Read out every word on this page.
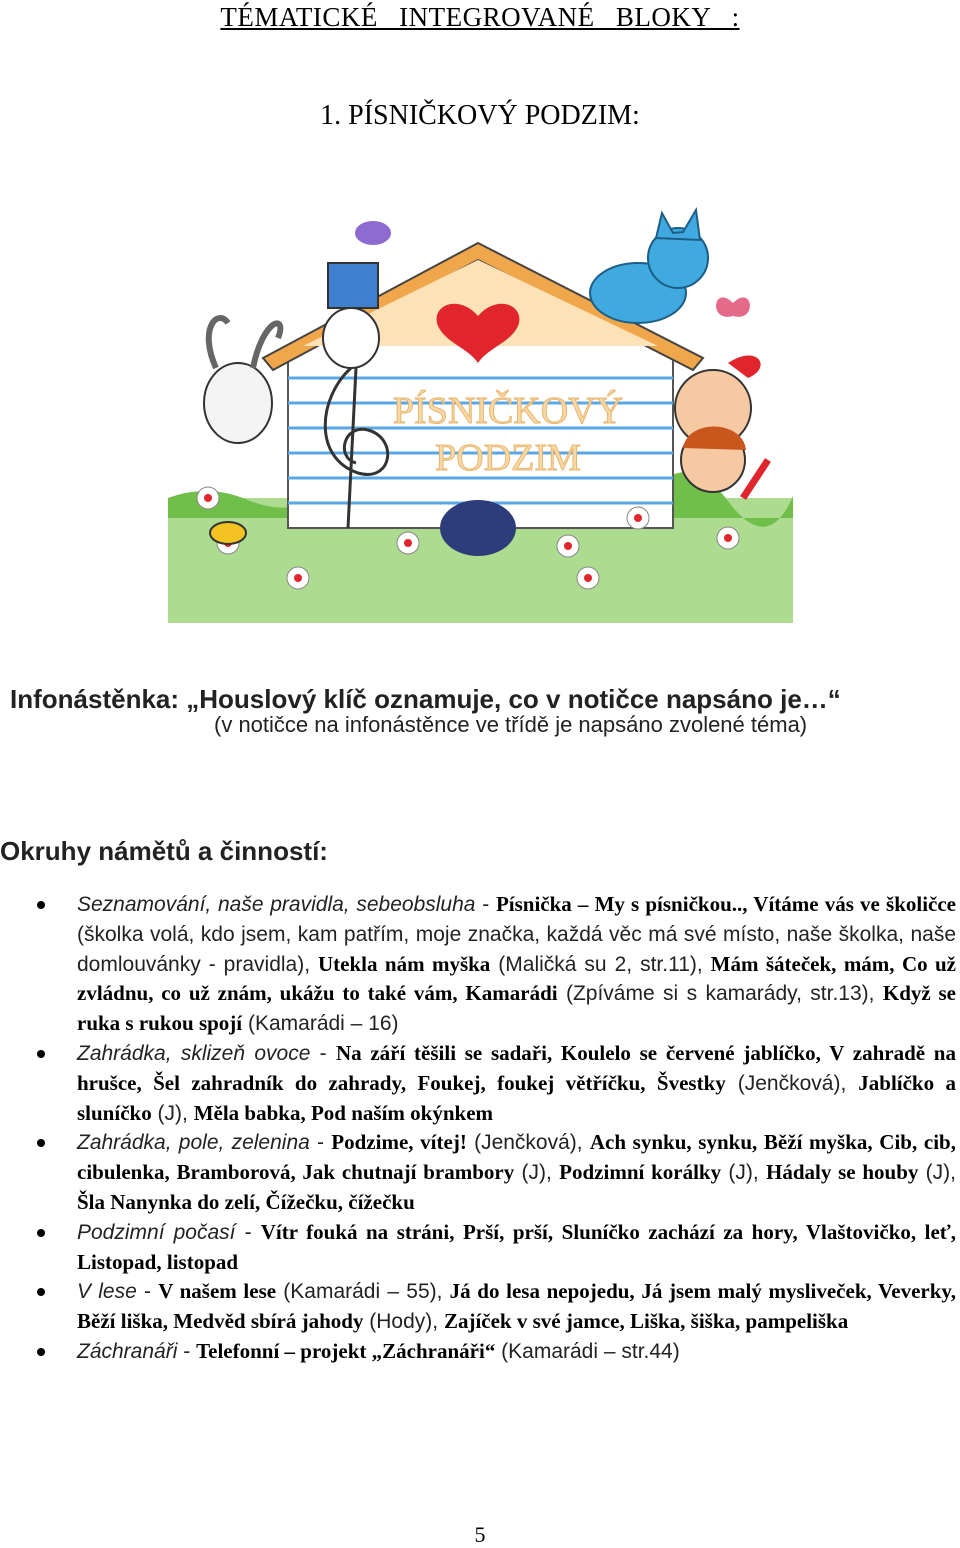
TÉMATICKÉ INTEGROVANÉ BLOKY :
1. PÍSNIČKOVÝ PODZIM:
PÍSNIČKOVÝ
PODZIM
Infonástěnka: „Houslový klíč oznamuje, co v notičce napsáno je…“
(v notičce na infonástěnce ve třídě je napsáno zvolené téma)
Okruhy námětů a činností:
Seznamování, naše pravidla, sebeobsluha - Písnička – My s písničkou.., Vítáme vás ve školičce (školka volá, kdo jsem, kam patřím, moje značka, každá věc má své místo, naše školka, naše domlouvánky - pravidla), Utekla nám myška (Maličká su 2, str.11), Mám šáteček, mám, Co už zvládnu, co už znám, ukážu to také vám, Kamarádi (Zpíváme si s kamarády, str.13), Když se ruka s rukou spojí (Kamarádi – 16)
Zahrádka, sklizeň ovoce - Na září těšili se sadaři, Koulelo se červené jablíčko, V zahradě na hrušce, Šel zahradník do zahrady, Foukej, foukej větříčku, Švestky (Jenčková), Jablíčko a sluníčko (J), Měla babka, Pod naším okýnkem
Zahrádka, pole, zelenina - Podzime, vítej! (Jenčková), Ach synku, synku, Běží myška, Cib, cib, cibulenka, Bramborová, Jak chutnají brambory (J), Podzimní korálky (J), Hádaly se houby (J), Šla Nanynka do zelí, Čížečku, čížečku
Podzimní počasí - Vítr fouká na stráni, Prší, prší, Sluníčko zachází za hory, Vlaštovičko, leť, Listopad, listopad
V lese - V našem lese (Kamarádi – 55), Já do lesa nepojedu, Já jsem malý mysliveček, Veverky, Běží liška, Medvěd sbírá jahody (Hody), Zajíček v své jamce, Liška, šiška, pampeliška
Záchranáři - Telefonní – projekt „Záchranáři“ (Kamarádi – str.44)
5
